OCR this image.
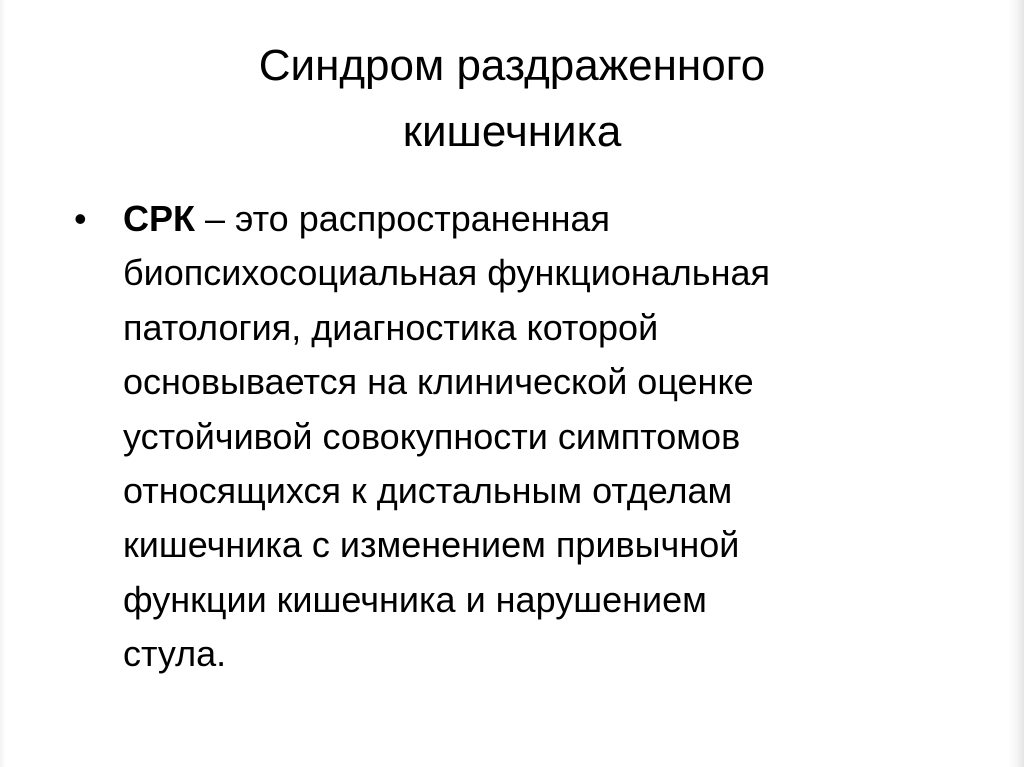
Синдром раздраженного
кишечника
• СРК – это распространенная
биопсихосоциальная функциональная
патология, диагностика которой
основывается на клинической оценке
устойчивой совокупности симптомов
относящихся к дистальным отделам
кишечника с изменением привычной
функции кишечника и нарушением
стула.
